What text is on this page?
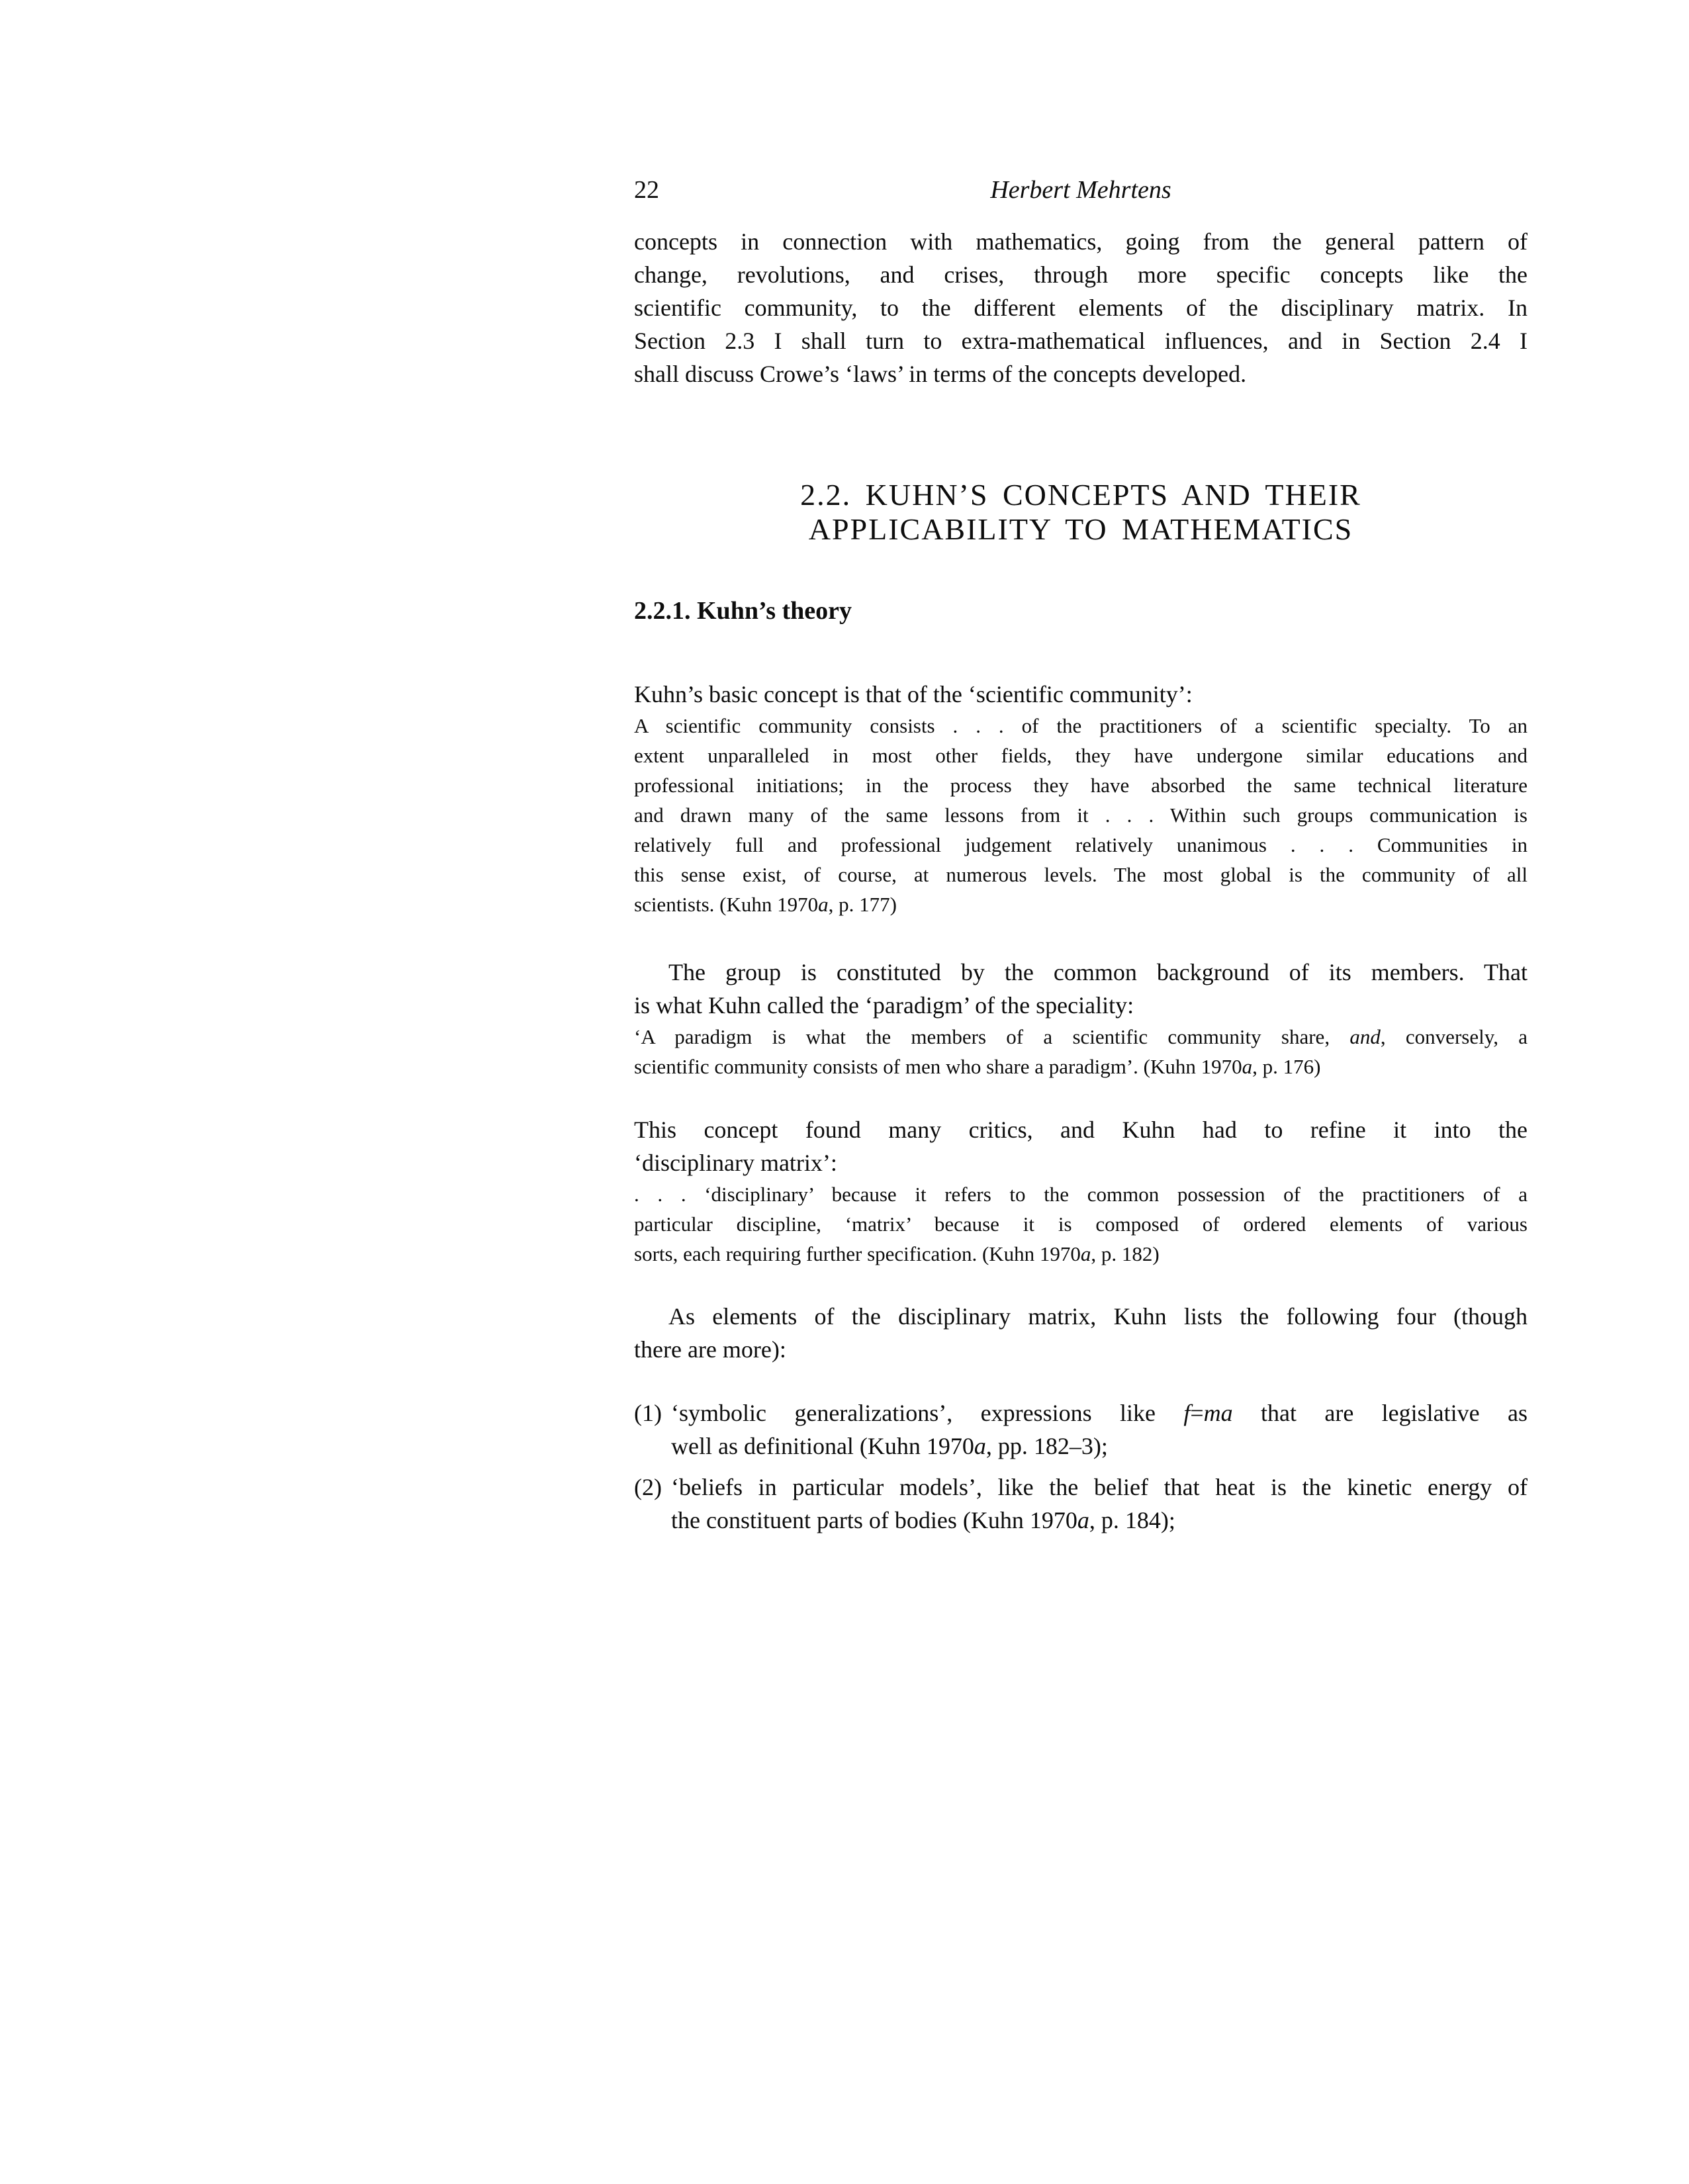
22	Herbert Mehrtens
concepts in connection with mathematics, going from the general pattern of
change, revolutions, and crises, through more specific concepts like the
scientific community, to the different elements of the disciplinary matrix. In
Section 2.3 I shall turn to extra-mathematical influences, and in Section 2.4 I
shall discuss Crowe’s ‘laws’ in terms of the concepts developed.
2.2. KUHN’S CONCEPTS AND THEIR
APPLICABILITY TO MATHEMATICS
2.2.1. Kuhn’s theory
Kuhn’s basic concept is that of the ‘scientific community’:
A scientific community consists . . . of the practitioners of a scientific specialty. To an
extent unparalleled in most other fields, they have undergone similar educations and
professional initiations; in the process they have absorbed the same technical literature
and drawn many of the same lessons from it . . . Within such groups communication is
relatively full and professional judgement relatively unanimous . . . Communities in
this sense exist, of course, at numerous levels. The most global is the community of all
scientists. (Kuhn 1970a, p. 177)
The group is constituted by the common background of its members. That
is what Kuhn called the ‘paradigm’ of the speciality:
‘A paradigm is what the members of a scientific community share, and, conversely, a
scientific community consists of men who share a paradigm’. (Kuhn 1970a, p. 176)
This concept found many critics, and Kuhn had to refine it into the
‘disciplinary matrix’:
. . . ‘disciplinary’ because it refers to the common possession of the practitioners of a
particular discipline, ‘matrix’ because it is composed of ordered elements of various
sorts, each requiring further specification. (Kuhn 1970a, p. 182)
As elements of the disciplinary matrix, Kuhn lists the following four (though
there are more):
(1) ‘symbolic generalizations’, expressions like f=ma that are legislative as
well as definitional (Kuhn 1970a, pp. 182–3);
(2) ‘beliefs in particular models’, like the belief that heat is the kinetic energy of
the constituent parts of bodies (Kuhn 1970a, p. 184);
